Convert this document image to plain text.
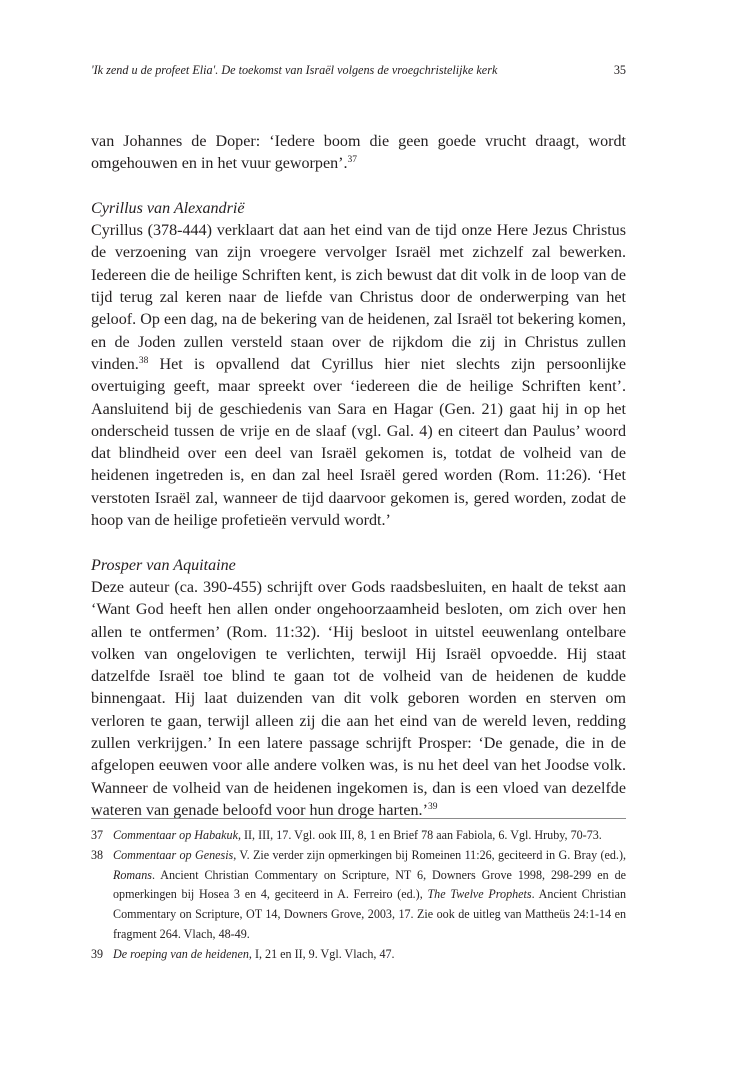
'Ik zend u de profeet Elia'. De toekomst van Israël volgens de vroegchristelijke kerk	35

van Johannes de Doper: ‘Iedere boom die geen goede vrucht draagt, wordt omgehouwen en in het vuur geworpen’.$^{37}$

Cyrillus van Alexandrië

Cyrillus (378-444) verklaart dat aan het eind van de tijd onze Here Jezus Christus de verzoening van zijn vroegere vervolger Israël met zichzelf zal bewerken. Iedereen die de heilige Schriften kent, is zich bewust dat dit volk in de loop van de tijd terug zal keren naar de liefde van Christus door de onderwerping van het geloof. Op een dag, na de bekering van de heidenen, zal Israël tot bekering komen, en de Joden zullen versteld staan over de rijkdom die zij in Christus zullen vinden.$^{38}$ Het is opvallend dat Cyrillus hier niet slechts zijn persoonlijke overtuiging geeft, maar spreekt over ‘iedereen die de heilige Schriften kent’. Aansluitend bij de geschiedenis van Sara en Hagar (Gen. 21) gaat hij in op het onderscheid tussen de vrije en de slaaf (vgl. Gal. 4) en citeert dan Paulus’ woord dat blindheid over een deel van Israël gekomen is, totdat de volheid van de heidenen ingetreden is, en dan zal heel Israël gered worden (Rom. 11:26). ‘Het verstoten Israël zal, wanneer de tijd daarvoor gekomen is, gered worden, zodat de hoop van de heilige profetieën vervuld wordt.’

Prosper van Aquitaine

Deze auteur (ca. 390-455) schrijft over Gods raadsbesluiten, en haalt de tekst aan ‘Want God heeft hen allen onder ongehoorzaamheid besloten, om zich over hen allen te ontfermen’ (Rom. 11:32). ‘Hij besloot in uitstel eeuwenlang ontelbare volken van ongelovigen te verlichten, terwijl Hij Israël opvoedde. Hij staat datzelfde Israël toe blind te gaan tot de volheid van de heidenen de kudde binnengaat. Hij laat duizenden van dit volk geboren worden en sterven om verloren te gaan, terwijl alleen zij die aan het eind van de wereld leven, redding zullen verkrijgen.’ In een latere passage schrijft Prosper: ‘De genade, die in de afgelopen eeuwen voor alle andere volken was, is nu het deel van het Joodse volk. Wanneer de volheid van de heidenen ingekomen is, dan is een vloed van dezelfde wateren van genade beloofd voor hun droge harten.’$^{39}$

37 Commentaar op Habakuk, II, III, 17. Vgl. ook III, 8, 1 en Brief 78 aan Fabiola, 6. Vgl. Hruby, 70-73.
38 Commentaar op Genesis, V. Zie verder zijn opmerkingen bij Romeinen 11:26, geciteerd in G. Bray (ed.), Romans. Ancient Christian Commentary on Scripture, NT 6, Downers Grove 1998, 298-299 en de opmerkingen bij Hosea 3 en 4, geciteerd in A. Ferreiro (ed.), The Twelve Prophets. Ancient Christian Commentary on Scripture, OT 14, Downers Grove, 2003, 17. Zie ook de uitleg van Mattheüs 24:1-14 en fragment 264. Vlach, 48-49.
39 De roeping van de heidenen, I, 21 en II, 9. Vgl. Vlach, 47.
